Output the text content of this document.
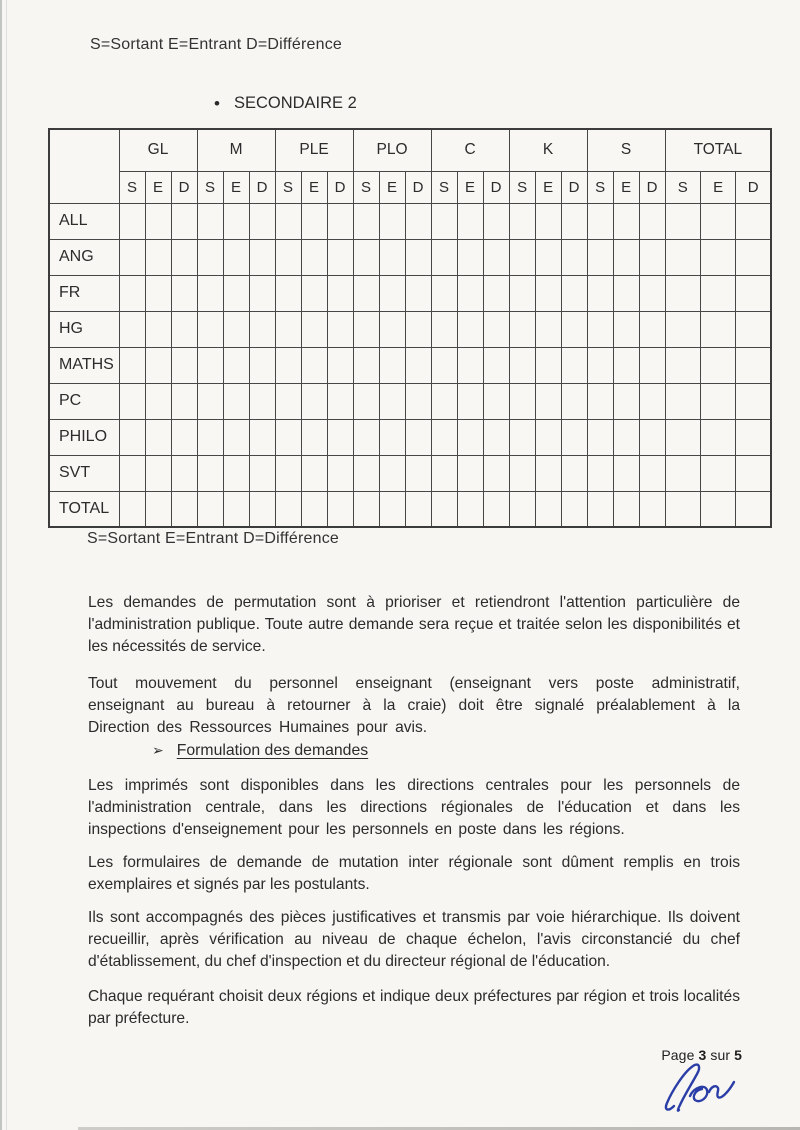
S=Sortant E=Entrant D=Différence
• SECONDAIRE 2
	GL			M			PLE			PLO			C			K			S			TOTAL		
	S	E	D	S	E	D	S	E	D	S	E	D	S	E	D	S	E	D	S	E	D	S	E	D
ALL																								
ANG																								
FR																								
HG																								
MATHS																								
PC																								
PHILO																								
SVT																								
TOTAL																								
S=Sortant E=Entrant D=Différence

Les demandes de permutation sont à prioriser et retiendront l'attention particulière de l'administration publique. Toute autre demande sera reçue et traitée selon les disponibilités et les nécessités de service.

Tout mouvement du personnel enseignant (enseignant vers poste administratif, enseignant au bureau à retourner à la craie) doit être signalé préalablement à la Direction des Ressources Humaines pour avis.

➢ Formulation des demandes

Les imprimés sont disponibles dans les directions centrales pour les personnels de l'administration centrale, dans les directions régionales de l'éducation et dans les inspections d'enseignement pour les personnels en poste dans les régions.

Les formulaires de demande de mutation inter régionale sont dûment remplis en trois exemplaires et signés par les postulants.

Ils sont accompagnés des pièces justificatives et transmis par voie hiérarchique. Ils doivent recueillir, après vérification au niveau de chaque échelon, l'avis circonstancié du chef d'établissement, du chef d'inspection et du directeur régional de l'éducation.

Chaque requérant choisit deux régions et indique deux préfectures par région et trois localités par préfecture.

Page 3 sur 5
